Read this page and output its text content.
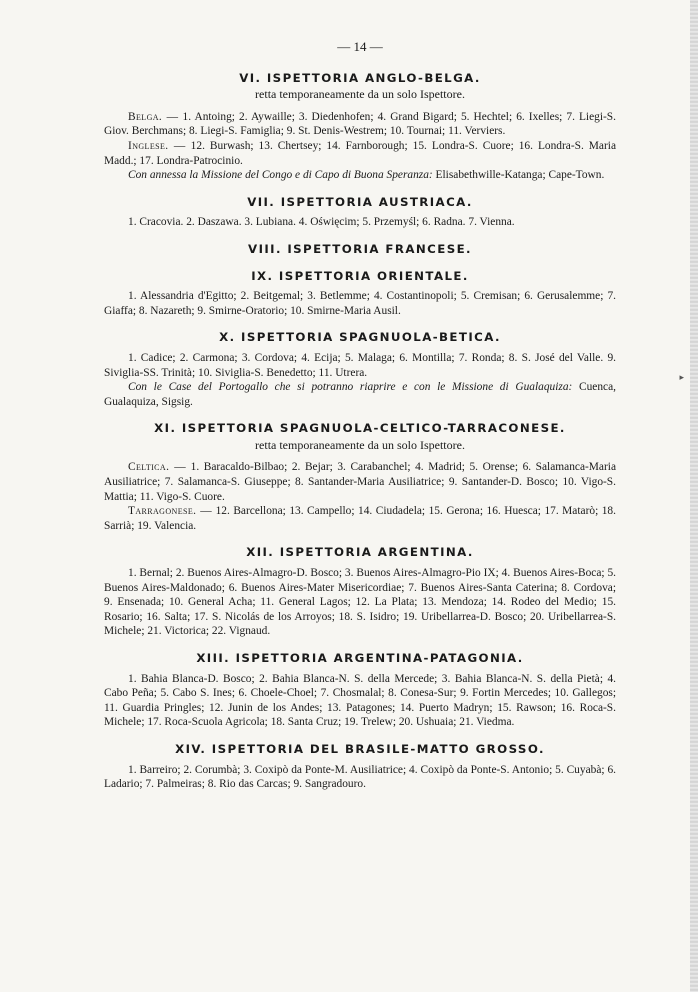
▸
— 14 —
VI. ISPETTORIA ANGLO-BELGA.
retta temporaneamente da un solo Ispettore.

Belga. — 1. Antoing; 2. Aywaille; 3. Diedenhofen; 4. Grand Bigard; 5. Hechtel; 6. Ixelles; 7. Liegi-S. Giov. Berchmans; 8. Liegi-S. Famiglia; 9. St. Denis-Westrem; 10. Tournai; 11. Verviers.

Inglese. — 12. Burwash; 13. Chertsey; 14. Farnborough; 15. Londra-S. Cuore; 16. Londra-S. Maria Madd.; 17. Londra-Patrocinio.

Con annessa la Missione del Congo e di Capo di Buona Speranza: Elisabethwille-Katanga; Cape-Town.

VII. ISPETTORIA AUSTRIACA.

1. Cracovia. 2. Daszawa. 3. Lubiana. 4. Oświęcim; 5. Przemyśl; 6. Radna. 7. Vienna.

VIII. ISPETTORIA FRANCESE.
IX. ISPETTORIA ORIENTALE.

1. Alessandria d'Egitto; 2. Beitgemal; 3. Betlemme; 4. Costantinopoli; 5. Cremisan; 6. Gerusalemme; 7. Giaffa; 8. Nazareth; 9. Smirne-Oratorio; 10. Smirne-Maria Ausil.

X. ISPETTORIA SPAGNUOLA-BETICA.

1. Cadice; 2. Carmona; 3. Cordova; 4. Ecija; 5. Malaga; 6. Montilla; 7. Ronda; 8. S. José del Valle. 9. Siviglia-SS. Trinità; 10. Siviglia-S. Benedetto; 11. Utrera.

Con le Case del Portogallo che si potranno riaprire e con le Missione di Gualaquiza: Cuenca, Gualaquiza, Sigsig.

XI. ISPETTORIA SPAGNUOLA-CELTICO-TARRACONESE.
retta temporaneamente da un solo Ispettore.

Celtica. — 1. Baracaldo-Bilbao; 2. Bejar; 3. Carabanchel; 4. Madrid; 5. Orense; 6. Salamanca-Maria Ausiliatrice; 7. Salamanca-S. Giuseppe; 8. Santander-Maria Ausiliatrice; 9. Santander-D. Bosco; 10. Vigo-S. Mattia; 11. Vigo-S. Cuore.

Tarragonese. — 12. Barcellona; 13. Campello; 14. Ciudadela; 15. Gerona; 16. Huesca; 17. Matarò; 18. Sarrià; 19. Valencia.

XII. ISPETTORIA ARGENTINA.

1. Bernal; 2. Buenos Aires-Almagro-D. Bosco; 3. Buenos Aires-Almagro-Pio IX; 4. Buenos Aires-Boca; 5. Buenos Aires-Maldonado; 6. Buenos Aires-Mater Misericordiae; 7. Buenos Aires-Santa Caterina; 8. Cordova; 9. Ensenada; 10. General Acha; 11. General Lagos; 12. La Plata; 13. Mendoza; 14. Rodeo del Medio; 15. Rosario; 16. Salta; 17. S. Nicolás de los Arroyos; 18. S. Isidro; 19. Uribellarrea-D. Bosco; 20. Uribellarrea-S. Michele; 21. Victorica; 22. Vignaud.

XIII. ISPETTORIA ARGENTINA-PATAGONIA.

1. Bahia Blanca-D. Bosco; 2. Bahia Blanca-N. S. della Mercede; 3. Bahia Blanca-N. S. della Pietà; 4. Cabo Peña; 5. Cabo S. Ines; 6. Choele-Choel; 7. Chosmalal; 8. Conesa-Sur; 9. Fortin Mercedes; 10. Gallegos; 11. Guardia Pringles; 12. Junin de los Andes; 13. Patagones; 14. Puerto Madryn; 15. Rawson; 16. Roca-S. Michele; 17. Roca-Scuola Agricola; 18. Santa Cruz; 19. Trelew; 20. Ushuaia; 21. Viedma.

XIV. ISPETTORIA DEL BRASILE-MATTO GROSSO.

1. Barreiro; 2. Corumbà; 3. Coxipò da Ponte-M. Ausiliatrice; 4. Coxipò da Ponte-S. Antonio; 5. Cuyabà; 6. Ladario; 7. Palmeiras; 8. Rio das Carcas; 9. Sangradouro.
